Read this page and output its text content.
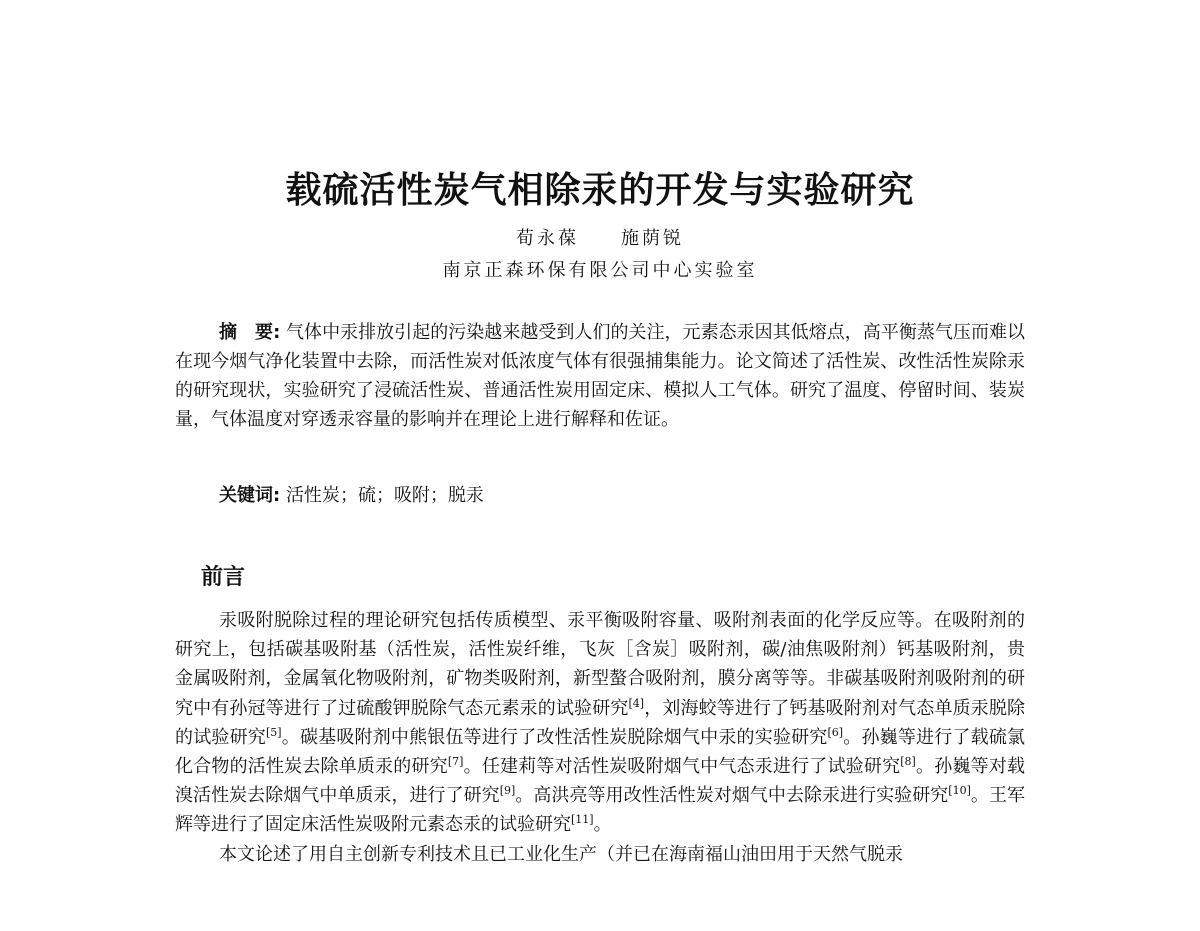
载硫活性炭气相除汞的开发与实验研究
荀永葆 施荫锐
南京正森环保有限公司中心实验室
摘　要: 气体中汞排放引起的污染越来越受到人们的关注，元素态汞因其低熔点，高平衡蒸气压而难以在现今烟气净化装置中去除，而活性炭对低浓度气体有很强捕集能力。论文简述了活性炭、改性活性炭除汞的研究现状，实验研究了浸硫活性炭、普通活性炭用固定床、模拟人工气体。研究了温度、停留时间、装炭量，气体温度对穿透汞容量的影响并在理论上进行解释和佐证。
关键词: 活性炭 ； 硫 ； 吸附 ； 脱汞
前言

汞吸附脱除过程的理论研究包括传质模型、汞平衡吸附容量、吸附剂表面的化学反应等。在吸附剂的研究上，包括碳基吸附基（活性炭，活性炭纤维，飞灰［含炭］吸附剂，碳/油焦吸附剂）钙基吸附剂，贵金属吸附剂，金属氧化物吸附剂，矿物类吸附剂，新型螯合吸附剂，膜分离等等。非碳基吸附剂吸附剂的研究中有孙冠等进行了过硫酸钾脱除气态元素汞的试验研究[4]，刘海蛟等进行了钙基吸附剂对气态单质汞脱除的试验研究[5]。碳基吸附剂中熊银伍等进行了改性活性炭脱除烟气中汞的实验研究[6]。孙巍等进行了载硫氯化合物的活性炭去除单质汞的研究[7]。任建莉等对活性炭吸附烟气中气态汞进行了试验研究[8]。孙巍等对载溴活性炭去除烟气中单质汞，进行了研究[9]。高洪亮等用改性活性炭对烟气中去除汞进行实验研究[10]。王军辉等进行了固定床活性炭吸附元素态汞的试验研究[11]。

本文论述了用自主创新专利技术且已工业化生产（并已在海南福山油田用于天然气脱汞
